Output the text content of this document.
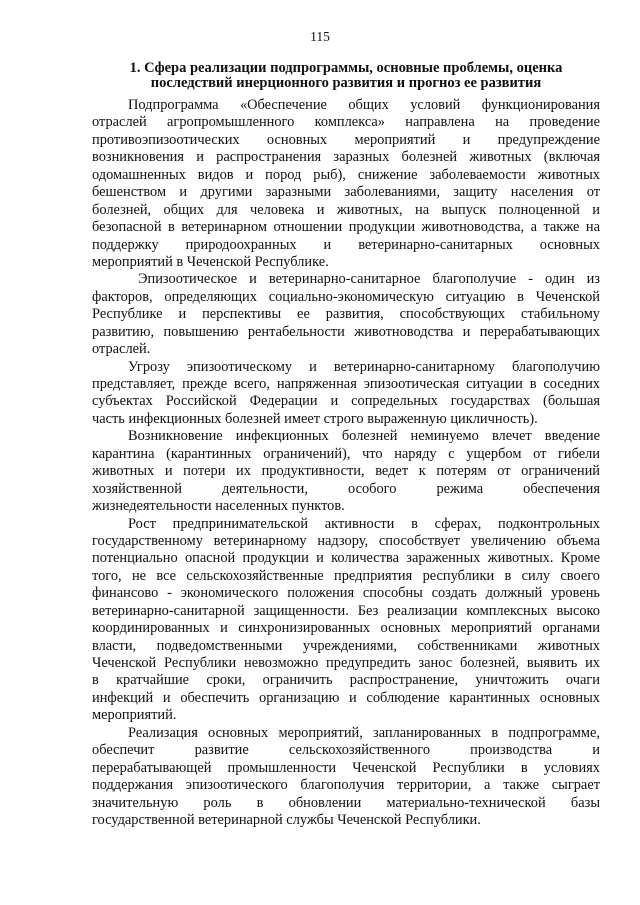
115
1. Сфера реализации подпрограммы, основные проблемы, оценка
последствий инерционного развития и прогноз ее развития
Подпрограмма «Обеспечение общих условий функционирования
отраслей агропромышленного комплекса» направлена на проведение
противоэпизоотических основных мероприятий и предупреждение
возникновения и распространения заразных болезней животных (включая
одомашненных видов и пород рыб), снижение заболеваемости животных
бешенством и другими заразными заболеваниями, защиту населения от
болезней, общих для человека и животных, на выпуск полноценной и
безопасной в ветеринарном отношении продукции животноводства, а также на
поддержку природоохранных и ветеринарно-санитарных основных
мероприятий в Чеченской Республике.
Эпизоотическое и ветеринарно-санитарное благополучие - один из
факторов, определяющих социально-экономическую ситуацию в Чеченской
Республике и перспективы ее развития, способствующих стабильному
развитию, повышению рентабельности животноводства и перерабатывающих
отраслей.
Угрозу эпизоотическому и ветеринарно-санитарному благополучию
представляет, прежде всего, напряженная эпизоотическая ситуации в соседних
субъектах Российской Федерации и сопредельных государствах (большая
часть инфекционных болезней имеет строго выраженную цикличность).
Возникновение инфекционных болезней неминуемо влечет введение
карантина (карантинных ограничений), что наряду с ущербом от гибели
животных и потери их продуктивности, ведет к потерям от ограничений
хозяйственной деятельности, особого режима обеспечения
жизнедеятельности населенных пунктов.
Рост предпринимательской активности в сферах, подконтрольных
государственному ветеринарному надзору, способствует увеличению объема
потенциально опасной продукции и количества зараженных животных. Кроме
того, не все сельскохозяйственные предприятия республики в силу своего
финансово - экономического положения способны создать должный уровень
ветеринарно-санитарной защищенности. Без реализации комплексных высоко
координированных и синхронизированных основных мероприятий органами
власти, подведомственными учреждениями, собственниками животных
Чеченской Республики невозможно предупредить занос болезней, выявить их
в кратчайшие сроки, ограничить распространение, уничтожить очаги
инфекций и обеспечить организацию и соблюдение карантинных основных
мероприятий.
Реализация основных мероприятий, запланированных в подпрограмме,
обеспечит развитие сельскохозяйственного производства и
перерабатывающей промышленности Чеченской Республики в условиях
поддержания эпизоотического благополучия территории, а также сыграет
значительную роль в обновлении материально-технической базы
государственной ветеринарной службы Чеченской Республики.
